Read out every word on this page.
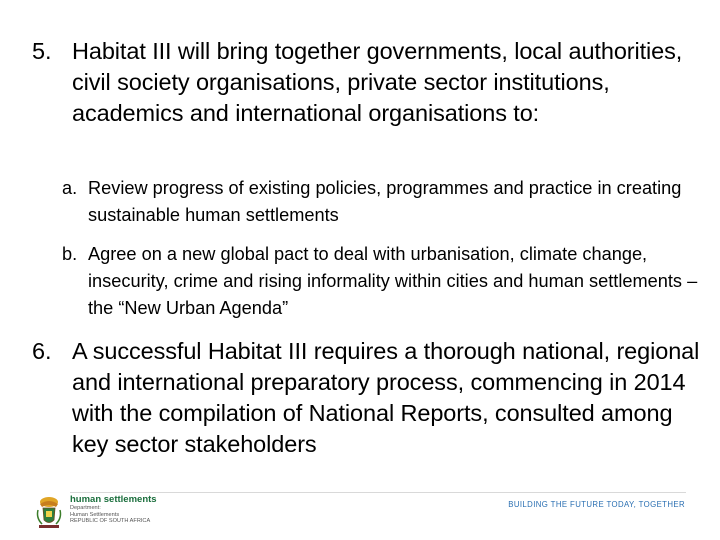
5. Habitat III will bring together governments, local authorities, civil society organisations, private sector institutions, academics and international organisations to:
a. Review progress of existing policies, programmes and practice in creating sustainable human settlements
b. Agree on a new global pact to deal with urbanisation, climate change, insecurity, crime and rising informality within cities and human settlements – the “New Urban Agenda”
6. A successful Habitat III requires a thorough national, regional and international preparatory process, commencing in 2014 with the compilation of National Reports, consulted among key sector stakeholders
human settlements
Department:
Human Settlements
REPUBLIC OF SOUTH AFRICA
BUILDING THE FUTURE TODAY, TOGETHER
